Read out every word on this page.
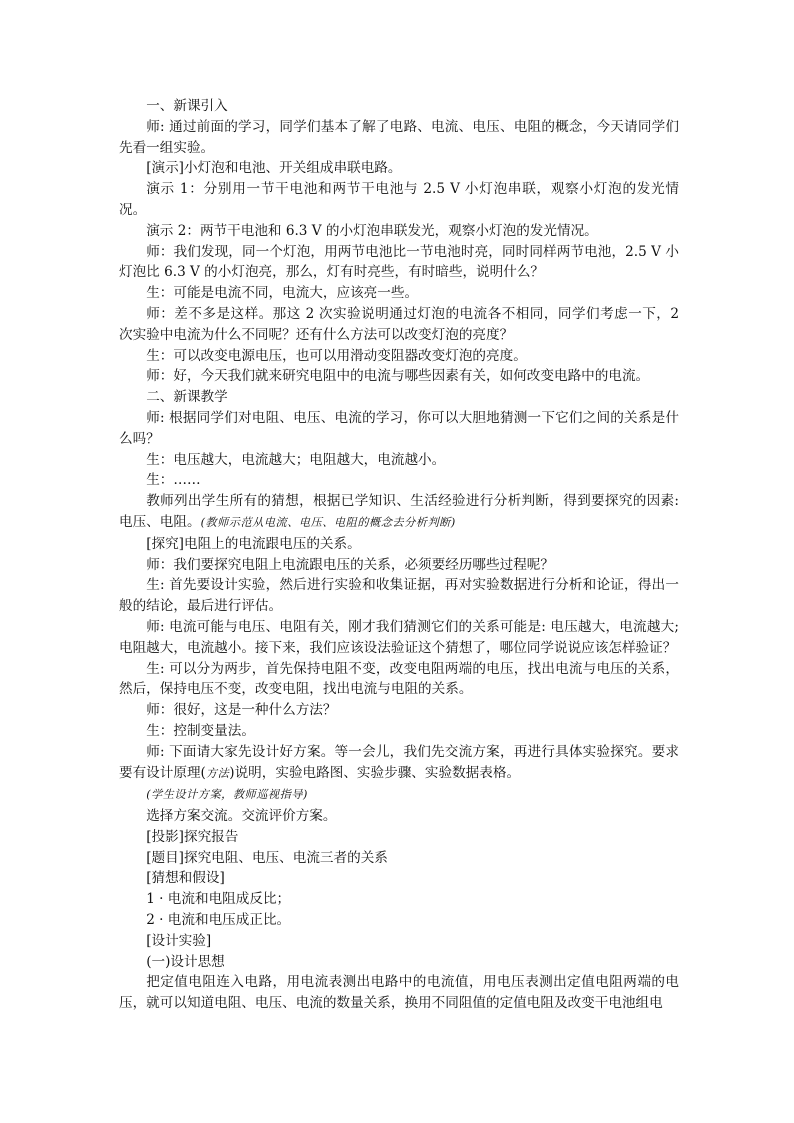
一、新课引入

师: 通过前面的学习，同学们基本了解了电路、电流、电压、电阻的概念，今天请同学们先看一组实验。

[演示]小灯泡和电池、开关组成串联电路。

演示 1：分别用一节干电池和两节干电池与 2.5 V 小灯泡串联，观察小灯泡的发光情况。

演示 2：两节干电池和 6.3 V 的小灯泡串联发光，观察小灯泡的发光情况。

师：我们发现，同一个灯泡，用两节电池比一节电池时亮，同时同样两节电池，2.5 V 小灯泡比 6.3 V 的小灯泡亮，那么，灯有时亮些，有时暗些，说明什么？

生：可能是电流不同，电流大，应该亮一些。

师：差不多是这样。那这 2 次实验说明通过灯泡的电流各不相同，同学们考虑一下，2 次实验中电流为什么不同呢？还有什么方法可以改变灯泡的亮度？

生：可以改变电源电压，也可以用滑动变阻器改变灯泡的亮度。

师：好，今天我们就来研究电阻中的电流与哪些因素有关，如何改变电路中的电流。

二、新课教学

师: 根据同学们对电阻、电压、电流的学习，你可以大胆地猜测一下它们之间的关系是什么吗？

生：电压越大，电流越大；电阻越大，电流越小。

生：……

教师列出学生所有的猜想，根据已学知识、生活经验进行分析判断，得到要探究的因素: 电压、电阻。(教师示范从电流、电压、电阻的概念去分析判断)

[探究]电阻上的电流跟电压的关系。

师：我们要探究电阻上电流跟电压的关系，必须要经历哪些过程呢？

生: 首先要设计实验，然后进行实验和收集证据，再对实验数据进行分析和论证，得出一般的结论，最后进行评估。

师: 电流可能与电压、电阻有关，刚才我们猜测它们的关系可能是: 电压越大，电流越大; 电阻越大，电流越小。接下来，我们应该设法验证这个猜想了，哪位同学说说应该怎样验证？

生: 可以分为两步，首先保持电阻不变，改变电阻两端的电压，找出电流与电压的关系，然后，保持电压不变，改变电阻，找出电流与电阻的关系。

师：很好，这是一种什么方法？

生：控制变量法。

师: 下面请大家先设计好方案。等一会儿，我们先交流方案，再进行具体实验探究。要求要有设计原理(方法)说明，实验电路图、实验步骤、实验数据表格。

(学生设计方案，教师巡视指导)

选择方案交流。交流评价方案。

[投影]探究报告

[题目]探究电阻、电压、电流三者的关系

[猜想和假设]

1 · 电流和电阻成反比；

2 · 电流和电压成正比。

[设计实验]

(一)设计思想

把定值电阻连入电路，用电流表测出电路中的电流值，用电压表测出定值电阻两端的电压，就可以知道电阻、电压、电流的数量关系，换用不同阻值的定值电阻及改变干电池组电
